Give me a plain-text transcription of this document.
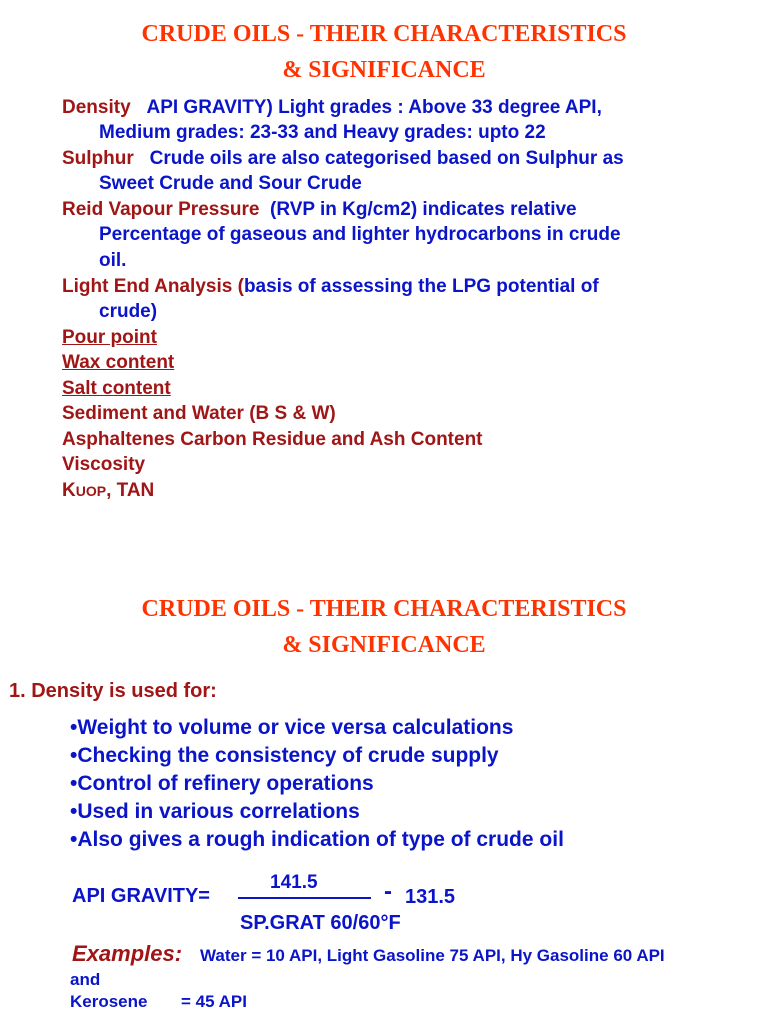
CRUDE OILS - THEIR CHARACTERISTICS
& SIGNIFICANCE
Density API GRAVITY) Light grades : Above 33 degree API,
Medium grades: 23-33 and Heavy grades: upto 22
Sulphur Crude oils are also categorised based on Sulphur as
Sweet Crude and Sour Crude
Reid Vapour Pressure (RVP in Kg/cm2) indicates relative
Percentage of gaseous and lighter hydrocarbons in crude
oil.
Light End Analysis (basis of assessing the LPG potential of
crude)
Pour point
Wax content
Salt content
Sediment and Water (B S & W)
Asphaltenes Carbon Residue and Ash Content
Viscosity
KUOP, TAN
CRUDE OILS - THEIR CHARACTERISTICS
& SIGNIFICANCE
1. Density is used for:
•Weight to volume or vice versa calculations
•Checking the consistency of crude supply
•Control of refinery operations
•Used in various correlations
•Also gives a rough indication of type of crude oil
API GRAVITY=
141.5	- 131.5
SP.GRAT 60/60°F
Examples: Water = 10 API, Light Gasoline 75 API, Hy Gasoline 60 API
and
Kerosene = 45 API
